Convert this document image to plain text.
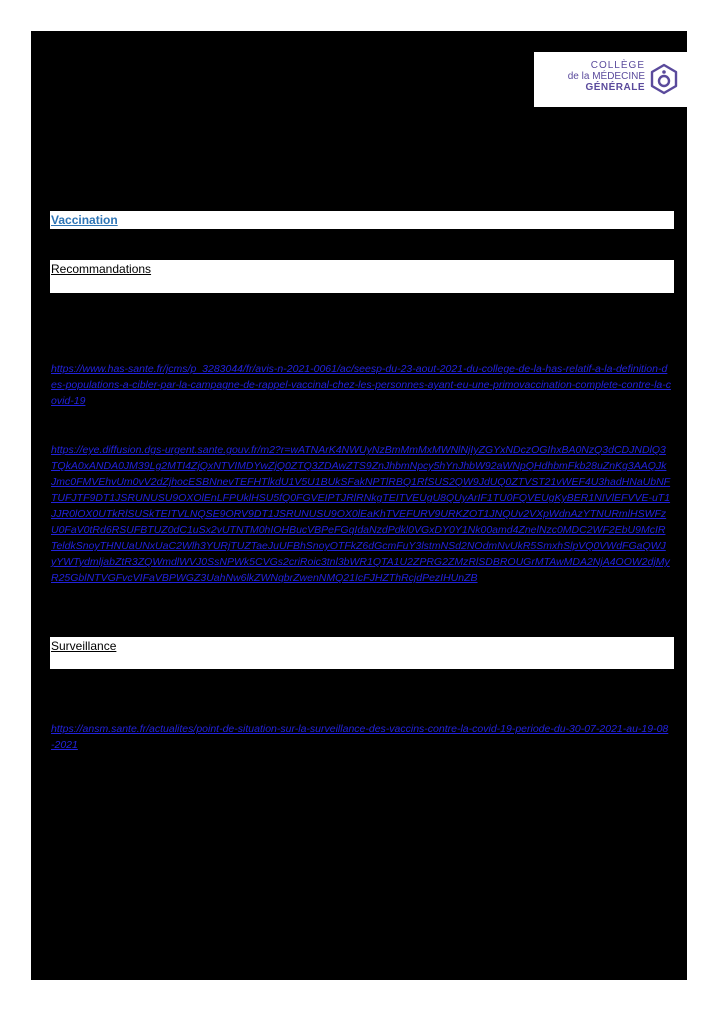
COLLÈGE
de la MÉDECINE
GÉNÉRALE
Vaccination
Recommandations
https://www.has-sante.fr/jcms/p_3283044/fr/avis-n-2021-0061/ac/seesp-du-23-aout-2021-du-college-de-la-has-relatif-a-la-definition-des-populations-a-cibler-par-la-campagne-de-rappel-vaccinal-chez-les-personnes-ayant-eu-une-primovaccination-complete-contre-la-covid-19
https://eye.diffusion.dgs-urgent.sante.gouv.fr/m2?r=wATNArK4NWUyNzBmMmMxMWNlNjIyZGYxNDczOGIhxBA0NzQ3dCDJNDlQ3TQkA0xANDA0JM39Lg2MTI4ZjQxNTVIMDYwZjQ0ZTQ3ZDAwZTS9ZnJhbmNpcy5hYnJhbW92aWNpQHdhbmFkb28uZnKg3AAQJkJmc0FMVEhvUm0vV2dZjhocESBNnevTEFHTlkdU1V5U1BUkSFakNPTlRBQ1RfSUS2QW9JdUQ0ZTVST21vWEF4U3hadHNaUbNFTUFJTF9DT1JSRUNUSU9OXOlEnLFPUklHSU5fQ0FGVEIPTJRlRNkgTEITVEUgU8QUyArIF1TU0FQVEUgKyBER1NIVlEFVVE-uT1JJR0lOX0UTkRlSUSkTEITVLNQSE9ORV9DT1JSRUNUSU9OX0lEaKhTVEFURV9URKZOT1JNQUv2VXpWdnAzYTNURmlHSWFzU0FaV0tRd6RSUFBTUZ0dC1uSx2vUTNTM0hIOHBucVBPeFGqIdaNzdPdkl0VGxDY0Y1Nk00amd4ZnelNzc0MDC2WF2EbU9McIRTeldkSnoyTHNUaUNxUaC2Wlh3YURjTUZTaeJuUFBhSnoyOTFkZ6dGcmFuY3lstmNSd2NOdmNvUkR5SmxhSlpVQ0VWdFGaQWJyYWTydmljabZtR3ZQWmdlWVJ0SsNPWk5CVGs2criRoic3tnl3bWR1QTA1U2ZPRG2ZMzRlSDBROUGrMTAwMDA2NjA4OOW2djMyR25GblNTVGFvcVIFaVBPWGZ3UahNw6lkZWNqbrZwenNMQ21IcFJHZThRcjdPezIHUnZB
Surveillance
https://ansm.sante.fr/actualites/point-de-situation-sur-la-surveillance-des-vaccins-contre-la-covid-19-periode-du-30-07-2021-au-19-08-2021
